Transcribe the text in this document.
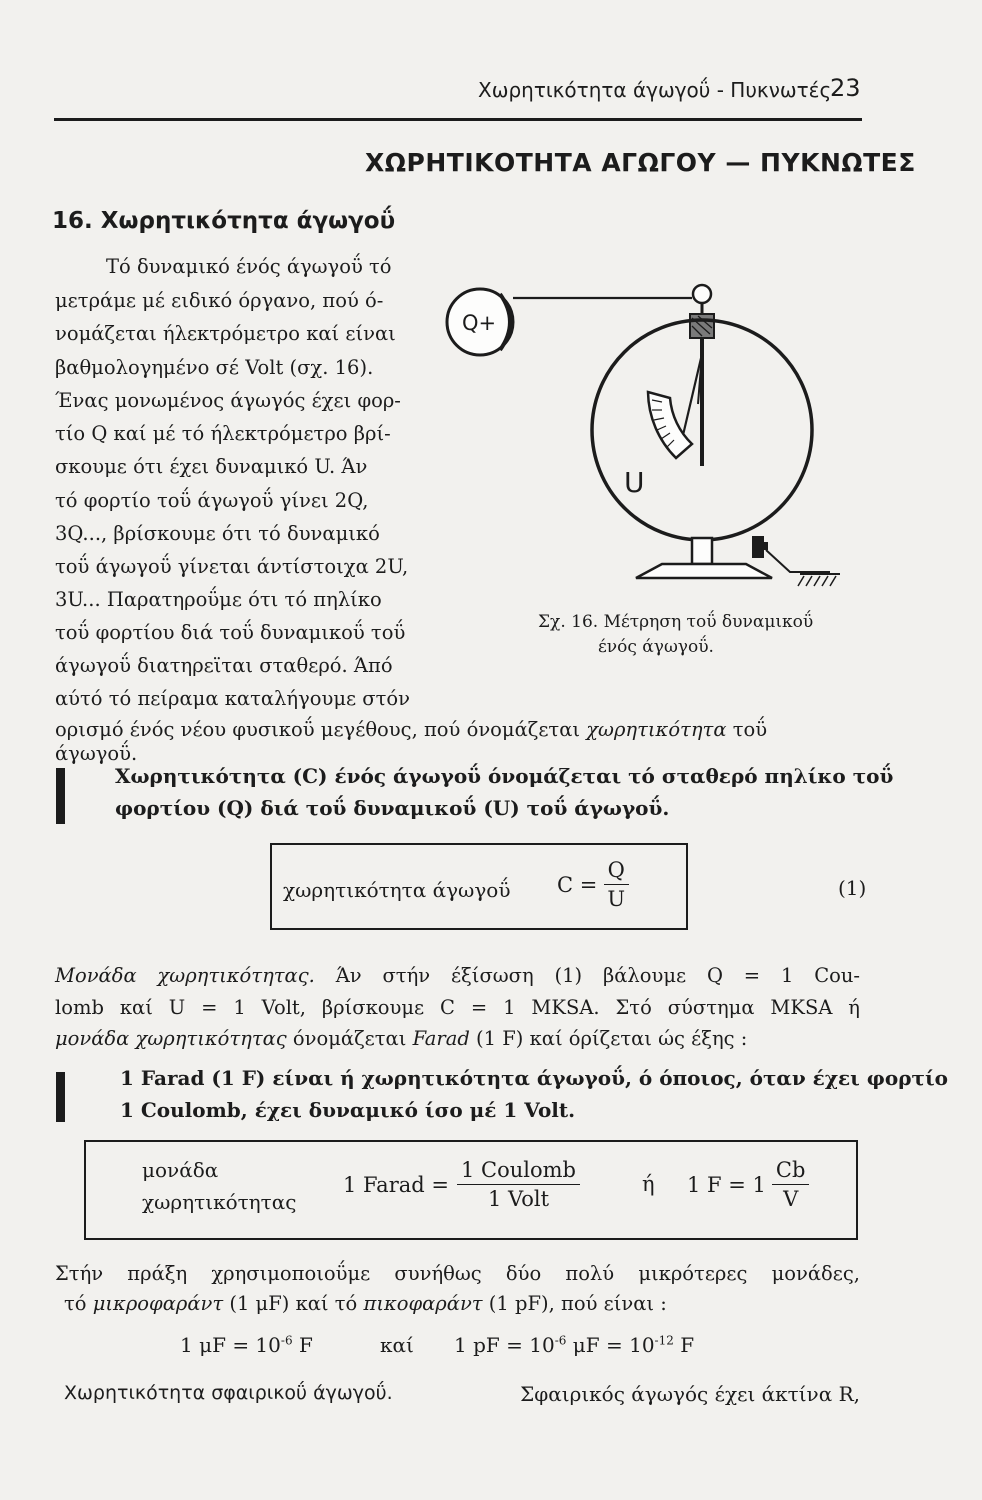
Χωρητικότητα άγωγοΰ - Πυκνωτές
23
ΧΩΡΗΤΙΚΟΤΗΤΑ ΑΓΩΓΟΥ — ΠΥΚΝΩΤΕΣ
16. Χωρητικότητα άγωγοΰ
Τό δυναμικό ένός άγωγοΰ τό
μετράμε μέ ειδικό όργανο, πού ό-
νομάζεται ήλεκτρόμετρο καί είναι
βαθμολογημένο σέ Volt (σχ. 16).
Ένας μονωμένος άγωγός έχει φορ-
τίο Q καί μέ τό ήλεκτρόμετρο βρί-
σκουμε ότι έχει δυναμικό U. Άν
τό φορτίο τοΰ άγωγοΰ γίνει 2Q,
3Q..., βρίσκουμε ότι τό δυναμικό
τοΰ άγωγοΰ γίνεται άντίστοιχα 2U,
3U... Παρατηροΰμε ότι τό πηλίκο
τοΰ φορτίου διά τοΰ δυναμικοΰ τοΰ
άγωγοΰ διατηρεϊται σταθερό. Άπό
αύτό τό πείραμα καταλήγουμε στόν
ορισμό ένός νέου φυσικοΰ μεγέθους, πού όνομάζεται χωρητικότητα τοΰ
άγωγοΰ.
Q+
U
Σχ. 16. Μέτρηση τοΰ δυναμικοΰ
ένός άγωγοΰ.
Χωρητικότητα (C) ένός άγωγοΰ όνομάζεται τό σταθερό πηλίκο τοΰ
φορτίου (Q) διά τοΰ δυναμικοΰ (U) τοΰ άγωγοΰ.
χωρητικότητα άγωγοΰ $C = \frac{Q}{U}$	(1)
Μονάδα χωρητικότητας. Άν στήν έξίσωση (1) βάλουμε Q = 1 Cou-
lomb καί U = 1 Volt, βρίσκουμε C = 1 MKSA. Στό σύστημα MKSA ή
μονάδα χωρητικότητας όνομάζεται Farad (1 F) καί όρίζεται ώς έξης :
1 Farad (1 F) είναι ή χωρητικότητα άγωγοΰ, ό όποιος, όταν έχει φορτίο
1 Coulomb, έχει δυναμικό ίσο μέ 1 Volt.
μονάδα
χωρητικότητας
1 Farad = $\frac{\text{1 Coulomb}}{\text{1 Volt}}$	ή 1 $F = 1 \frac{Cb}{V}$
Στήν πράξη χρησιμοποιοΰμε συνήθως δύο πολύ μικρότερες μονάδες,
τό μικροφαράντ (1 μF) καί τό πικοφαράντ (1 pF), πού είναι :
1 $\mu F = 10^{-6}$ F	καί 1 pF = $10^{-6}$ $\mu F = 10^{-12}$ F
Χωρητικότητα σφαιρικοΰ άγωγοΰ.	Σφαιρικός άγωγός έχει άκτίνα R,
